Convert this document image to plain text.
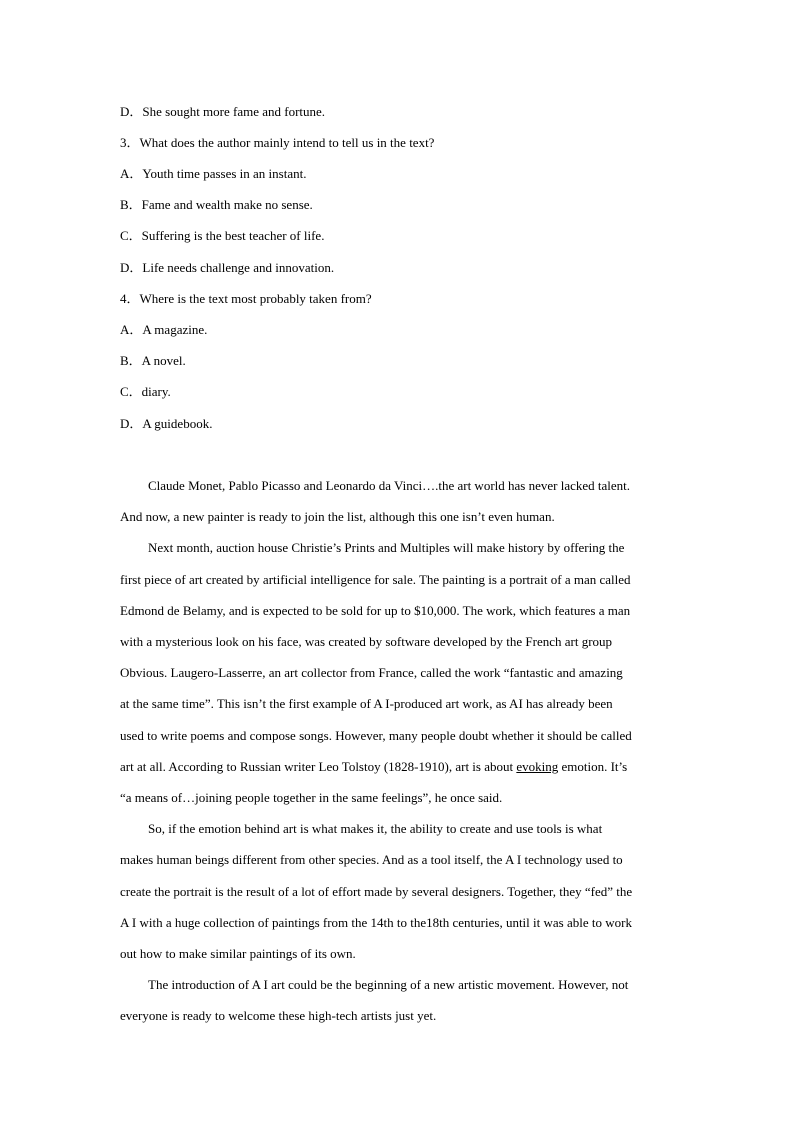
D．She sought more fame and fortune.
3．What does the author mainly intend to tell us in the text?
A．Youth time passes in an instant.
B．Fame and wealth make no sense.
C．Suffering is the best teacher of life.
D．Life needs challenge and innovation.
4．Where is the text most probably taken from?
A．A magazine.
B．A novel.
C．diary.
D．A guidebook.
Claude Monet, Pablo Picasso and Leonardo da Vinci….the art world has never lacked talent.
And now, a new painter is ready to join the list, although this one isn’t even human.
Next month, auction house Christie’s Prints and Multiples will make history by offering the
first piece of art created by artificial intelligence for sale. The painting is a portrait of a man called
Edmond de Belamy, and is expected to be sold for up to $10,000. The work, which features a man
with a mysterious look on his face, was created by software developed by the French art group
Obvious. Laugero-Lasserre, an art collector from France, called the work “fantastic and amazing
at the same time”. This isn’t the first example of A I-produced art work, as AI has already been
used to write poems and compose songs. However, many people doubt whether it should be called
art at all. According to Russian writer Leo Tolstoy (1828-1910), art is about evoking emotion. It’s
“a means of…joining people together in the same feelings”, he once said.
So, if the emotion behind art is what makes it, the ability to create and use tools is what
makes human beings different from other species. And as a tool itself, the A I technology used to
create the portrait is the result of a lot of effort made by several designers. Together, they “fed” the
A I with a huge collection of paintings from the 14th to the18th centuries, until it was able to work
out how to make similar paintings of its own.
The introduction of A I art could be the beginning of a new artistic movement. However, not
everyone is ready to welcome these high-tech artists just yet.
